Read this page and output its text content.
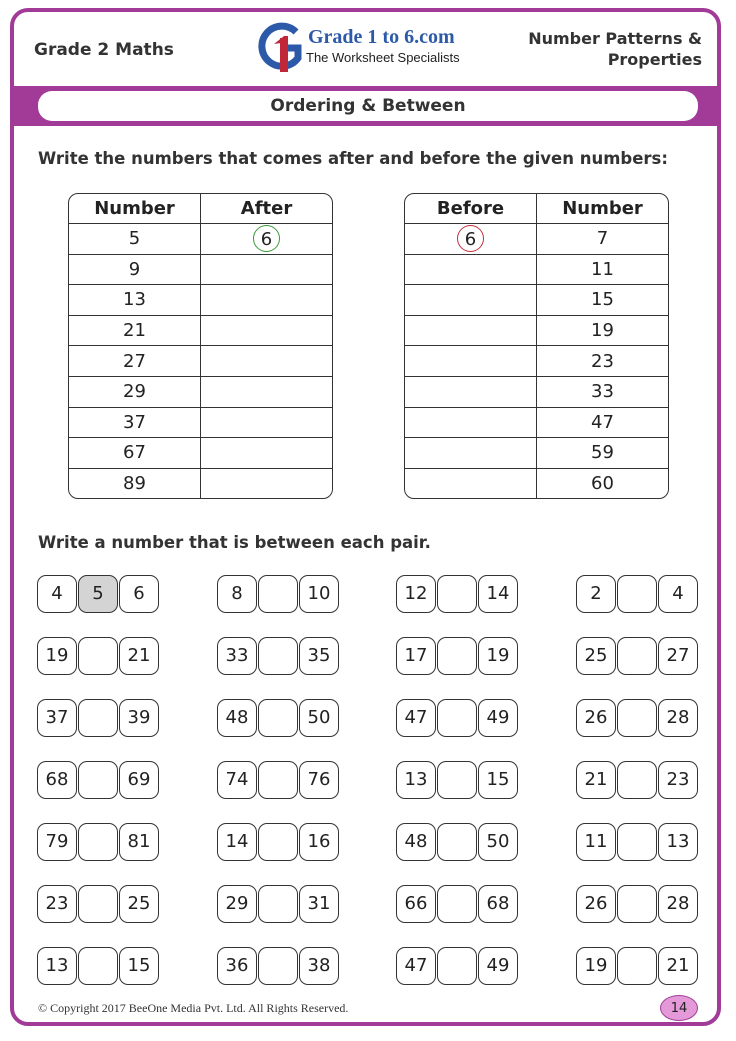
Grade 2 Maths
Grade 1 to 6.com
The Worksheet Specialists
Number Patterns &
Properties
Ordering & Between
Write the numbers that comes after and before the given numbers:
Number	After
5	6
9	
13	
21	
27	
29	
37	
67	
89	
Before	Number
6	7
	11
	15
	19
	23
	33
	47
	59
	60
Write a number that is between each pair.
4	5	6	8	10	12	14	2	4
19	21	33	35	17	19	25	27
37	39	48	50	47	49	26	28
68	69	74	76	13	15	21	23
79	81	14	16	48	50	11	13
23	25	29	31	66	68	26	28
13	15	36	38	47	49	19	21
© Copyright 2017 BeeOne Media Pvt. Ltd. All Rights Reserved.	14
